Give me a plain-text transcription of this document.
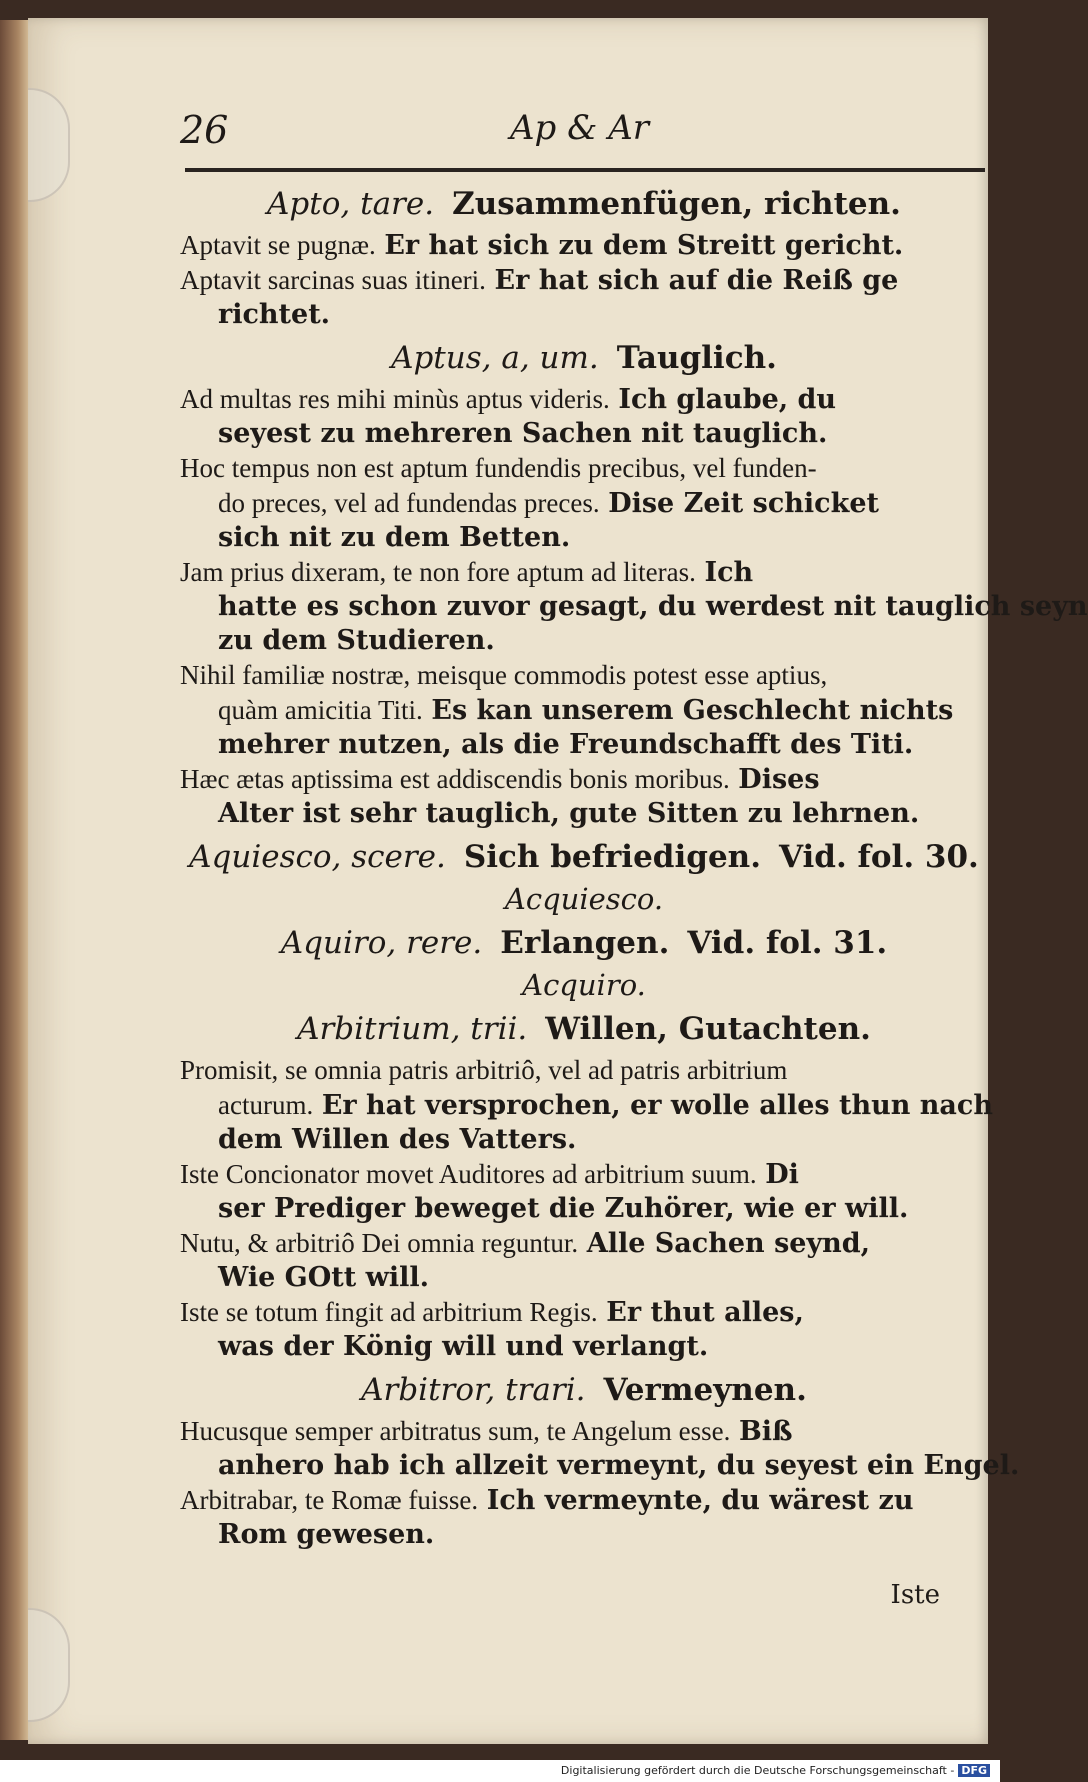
26	Ap & Ar
Apto, tare. Zusammenfügen, richten.
Aptavit se pugnæ. Er hat sich zu dem Streitt gericht.
Aptavit sarcinas suas itineri. Er hat sich auf die Reiß ge
richtet.
Aptus, a, um. Tauglich.
Ad multas res mihi minùs aptus videris. Ich glaube, du
seyest zu mehreren Sachen nit tauglich.
Hoc tempus non est aptum fundendis precibus, vel funden-
do preces, vel ad fundendas preces. Dise Zeit schicket
sich nit zu dem Betten.
Jam prius dixeram, te non fore aptum ad literas. Ich
hatte es schon zuvor gesagt, du werdest nit tauglich seyn
zu dem Studieren.
Nihil familiæ nostræ, meisque commodis potest esse aptius,
quàm amicitia Titi. Es kan unserem Geschlecht nichts
mehrer nutzen, als die Freundschafft des Titi.
Hæc ætas aptissima est addiscendis bonis moribus. Dises
Alter ist sehr tauglich, gute Sitten zu lehrnen.
Aquiesco, scere. Sich befriedigen. Vid. fol. 30.
Acquiesco.
Aquiro, rere. Erlangen. Vid. fol. 31.
Acquiro.
Arbitrium, trii. Willen, Gutachten.
Promisit, se omnia patris arbitriô, vel ad patris arbitrium
acturum. Er hat versprochen, er wolle alles thun nach
dem Willen des Vatters.
Iste Concionator movet Auditores ad arbitrium suum. Di
ser Prediger beweget die Zuhörer, wie er will.
Nutu, & arbitriô Dei omnia reguntur. Alle Sachen seynd,
Wie GOtt will.
Iste se totum fingit ad arbitrium Regis. Er thut alles,
was der König will und verlangt.
Arbitror, trari. Vermeynen.
Hucusque semper arbitratus sum, te Angelum esse. Biß
anhero hab ich allzeit vermeynt, du seyest ein Engel.
Arbitrabar, te Romæ fuisse. Ich vermeynte, du wärest zu
Rom gewesen.
Iste
Digitalisierung gefördert durch die Deutsche Forschungsgemeinschaft - DFG
